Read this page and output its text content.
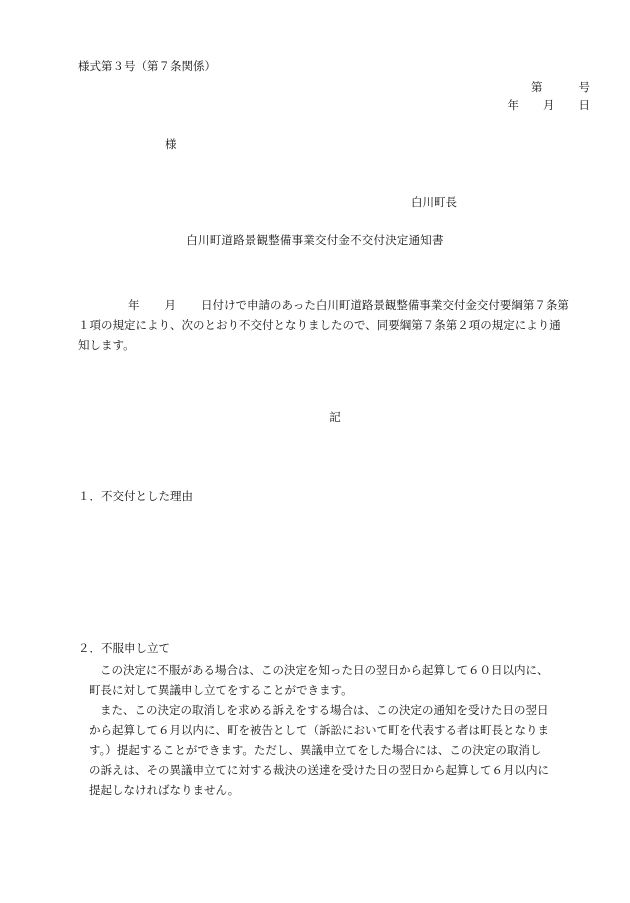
様式第３号（第７条関係）
第	号
年 月 日
様
白川町長
白川町道路景観整備事業交付金不交付決定通知書
年 月 日付けで申請のあった白川町道路景観整備事業交付金交付要綱第７条第
１項の規定により、次のとおり不交付となりましたので、同要綱第７条第２項の規定により通
知します。
記
１．不交付とした理由
２．不服申し立て
この決定に不服がある場合は、この決定を知った日の翌日から起算して６０日以内に、
町長に対して異議申し立てをすることができます。
また、この決定の取消しを求める訴えをする場合は、この決定の通知を受けた日の翌日
から起算して６月以内に、町を被告として（訴訟において町を代表する者は町長となりま
す。）提起することができます。ただし、異議申立てをした場合には、この決定の取消し
の訴えは、その異議申立てに対する裁決の送達を受けた日の翌日から起算して６月以内に
提起しなければなりません。
